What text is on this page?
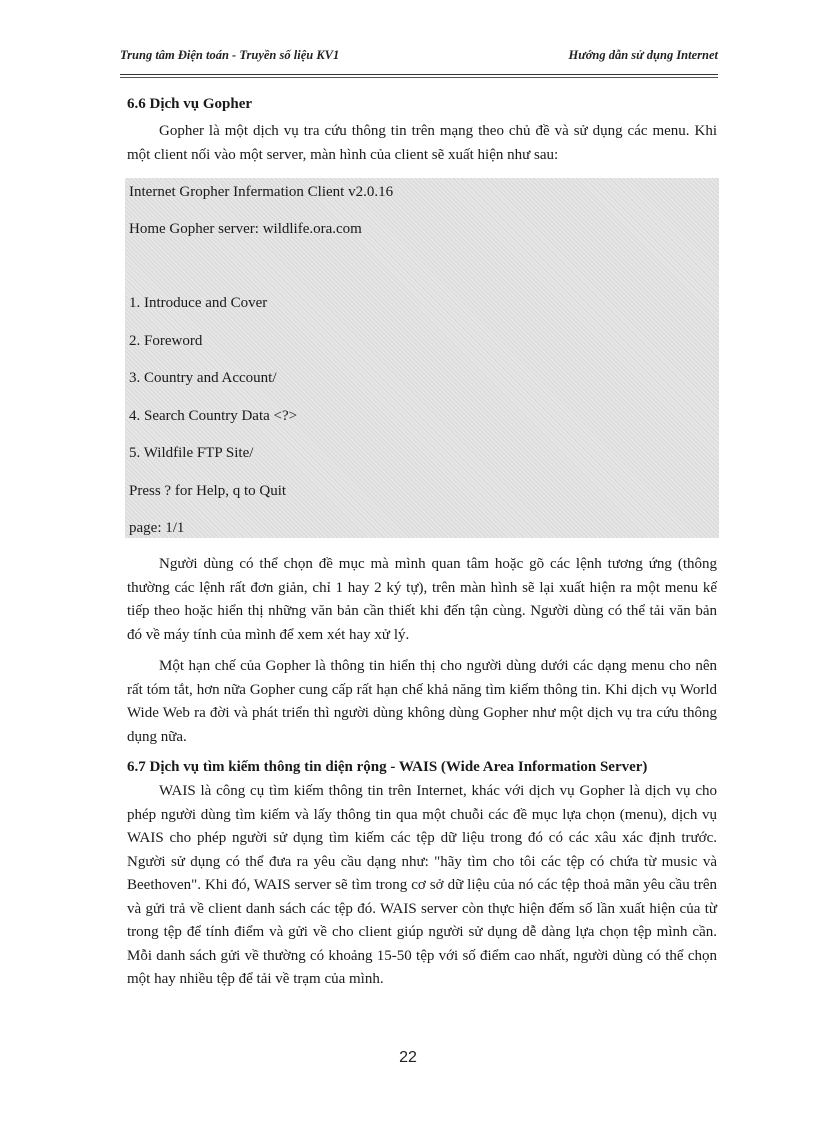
Trung tâm Điện toán - Truyền số liệu KV1	Hướng dẫn sử dụng Internet
6.6 Dịch vụ Gopher

Gopher là một dịch vụ tra cứu thông tin trên mạng theo chủ đề và sử dụng các menu. Khi một client nối vào một server, màn hình của client sẽ xuất hiện như sau:

Internet Gropher Infermation Client v2.0.16
Home Gopher server: wildlife.ora.com
1. Introduce and Cover
2. Foreword
3. Country and Account/
4. Search Country Data <?>
5. Wildfile FTP Site/
Press ? for Help, q to Quit
page: 1/1

Người dùng có thể chọn đề mục mà mình quan tâm hoặc gõ các lệnh tương ứng (thông thường các lệnh rất đơn giản, chỉ 1 hay 2 ký tự), trên màn hình sẽ lại xuất hiện ra một menu kế tiếp theo hoặc hiển thị những văn bản cần thiết khi đến tận cùng. Người dùng có thể tải văn bản đó về máy tính của mình để xem xét hay xử lý.

Một hạn chế của Gopher là thông tin hiển thị cho người dùng dưới các dạng menu cho nên rất tóm tắt, hơn nữa Gopher cung cấp rất hạn chế khả năng tìm kiếm thông tin. Khi dịch vụ World Wide Web ra đời và phát triển thì người dùng không dùng Gopher như một dịch vụ tra cứu thông dụng nữa.

6.7 Dịch vụ tìm kiếm thông tin diện rộng - WAIS (Wide Area Information Server)

WAIS là công cụ tìm kiếm thông tin trên Internet, khác với dịch vụ Gopher là dịch vụ cho phép người dùng tìm kiếm và lấy thông tin qua một chuỗi các đề mục lựa chọn (menu), dịch vụ WAIS cho phép người sử dụng tìm kiếm các tệp dữ liệu trong đó có các xâu xác định trước. Người sử dụng có thể đưa ra yêu cầu dạng như: "hãy tìm cho tôi các tệp có chứa từ music và Beethoven". Khi đó, WAIS server sẽ tìm trong cơ sở dữ liệu của nó các tệp thoả mãn yêu cầu trên và gửi trả về client danh sách các tệp đó. WAIS server còn thực hiện đếm số lần xuất hiện của từ trong tệp để tính điểm và gửi về cho client giúp người sử dụng dễ dàng lựa chọn tệp mình cần. Mỗi danh sách gửi về thường có khoảng 15-50 tệp với số điểm cao nhất, người dùng có thể chọn một hay nhiều tệp để tải về trạm của mình.

22
